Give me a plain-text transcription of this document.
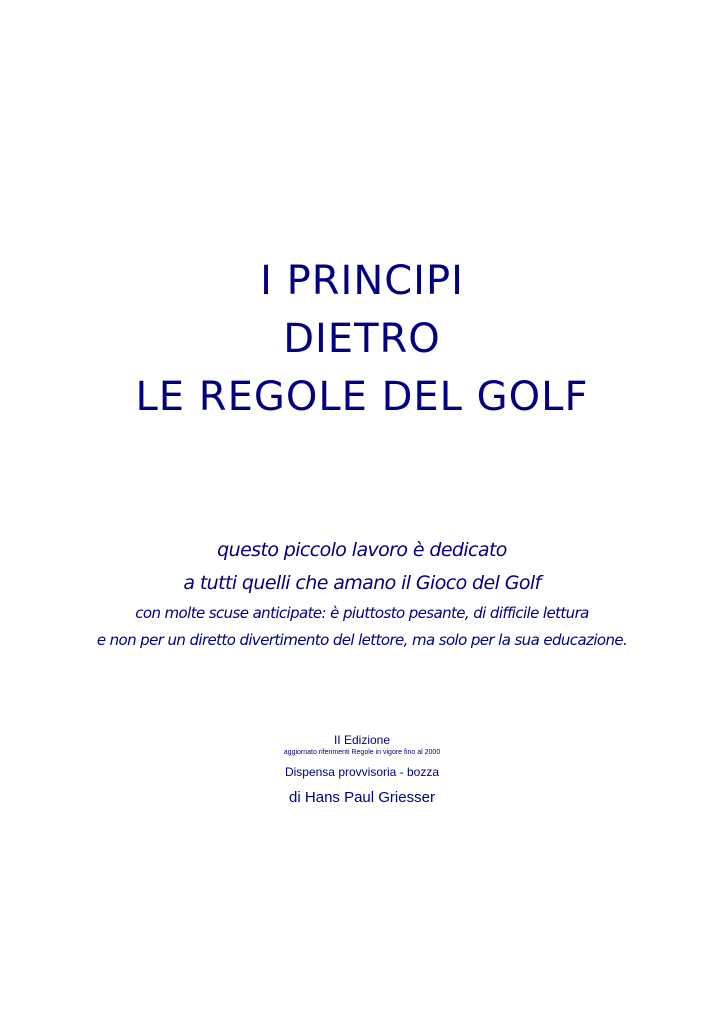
I PRINCIPI
DIETRO
LE REGOLE DEL GOLF
questo piccolo lavoro è dedicato
a tutti quelli che amano il Gioco del Golf
con molte scuse anticipate: è piuttosto pesante, di difficile lettura
e non per un diretto divertimento del lettore, ma solo per la sua educazione.
II Edizione
aggiornato riferimenti Regole in vigore fino al 2000
Dispensa provvisoria - bozza
di Hans Paul Griesser
